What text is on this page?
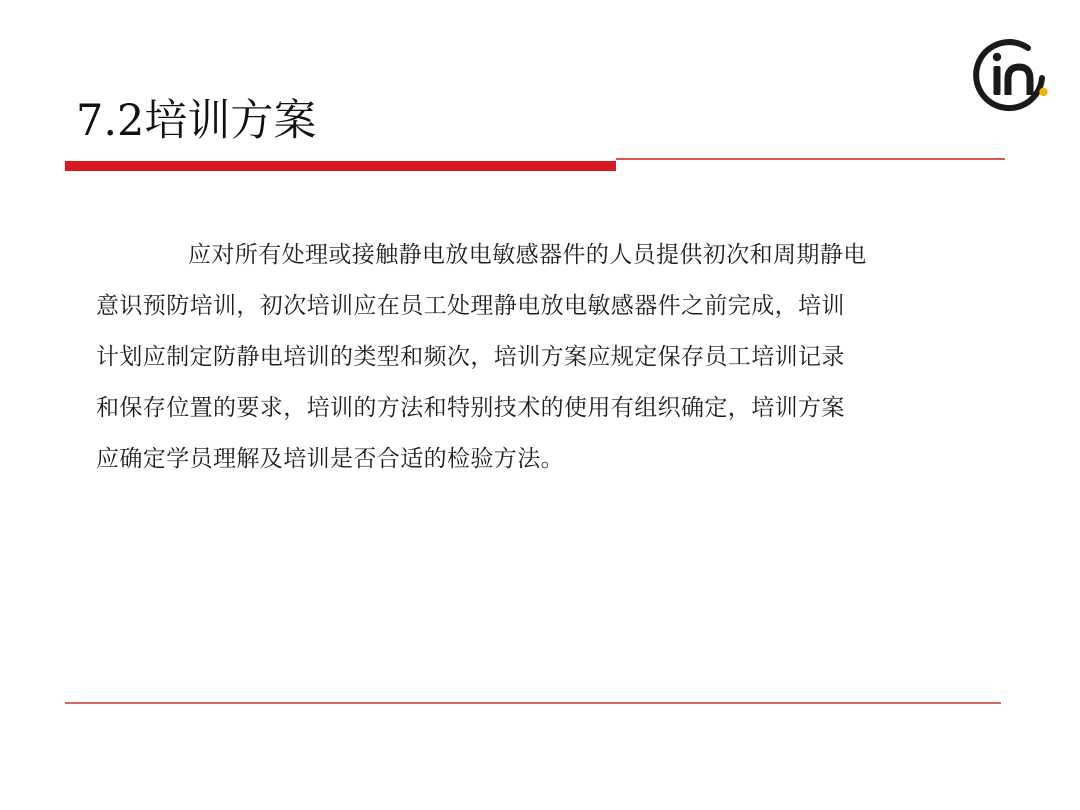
7.2培训方案

应对所有处理或接触静电放电敏感器件的人员提供初次和周期静电
意识预防培训，初次培训应在员工处理静电放电敏感器件之前完成，培训
计划应制定防静电培训的类型和频次，培训方案应规定保存员工培训记录
和保存位置的要求，培训的方法和特别技术的使用有组织确定，培训方案
应确定学员理解及培训是否合适的检验方法。
